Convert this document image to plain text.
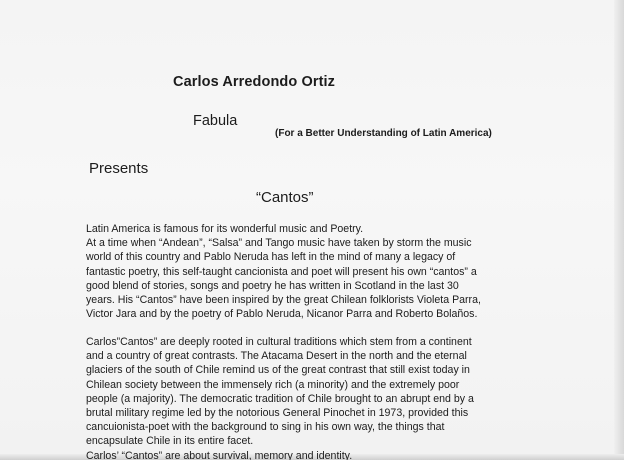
Carlos Arredondo Ortiz
Fabula
(For a Better Understanding of Latin America)
Presents
“Cantos”
Latin America is famous for its wonderful music and Poetry.
At a time when “Andean”, “Salsa” and Tango music have taken by storm the music
world of this country and Pablo Neruda has left in the mind of many a legacy of
fantastic poetry, this self-taught cancionista and poet will present his own “cantos” a
good blend of stories, songs and poetry he has written in Scotland in the last 30
years. His “Cantos” have been inspired by the great Chilean folklorists Violeta Parra,
Victor Jara and by the poetry of Pablo Neruda, Nicanor Parra and Roberto Bolaños.
Carlos”Cantos” are deeply rooted in cultural traditions which stem from a continent
and a country of great contrasts. The Atacama Desert in the north and the eternal
glaciers of the south of Chile remind us of the great contrast that still exist today in
Chilean society between the immensely rich (a minority) and the extremely poor
people (a majority). The democratic tradition of Chile brought to an abrupt end by a
brutal military regime led by the notorious General Pinochet in 1973, provided this
cancuionista-poet with the background to sing in his own way, the things that
encapsulate Chile in its entire facet.
Carlos’ “Cantos” are about survival, memory and identity.
